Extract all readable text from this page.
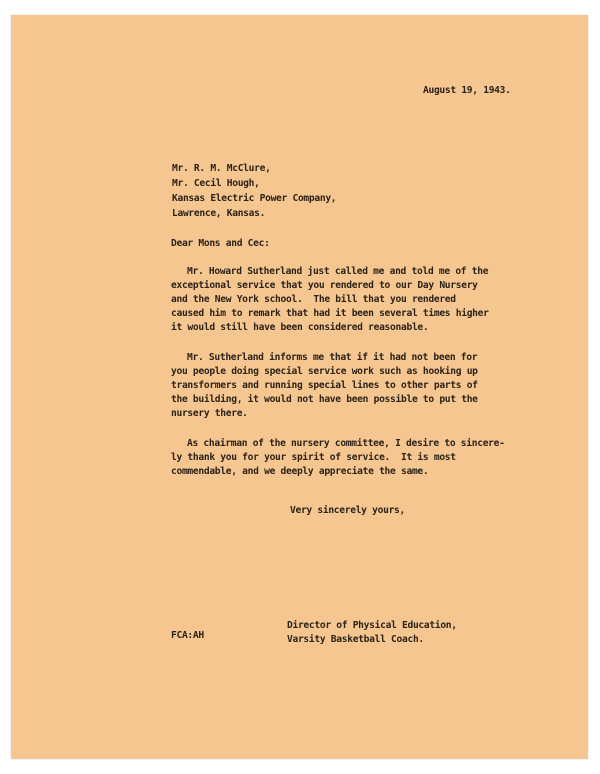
August 19, 1943.
Mr. R. M. McClure,
Mr. Cecil Hough,
Kansas Electric Power Company,
Lawrence, Kansas.
Dear Mons and Cec:
Mr. Howard Sutherland just called me and told me of the
exceptional service that you rendered to our Day Nursery
and the New York school.  The bill that you rendered
caused him to remark that had it been several times higher
it would still have been considered reasonable.
Mr. Sutherland informs me that if it had not been for
you people doing special service work such as hooking up
transformers and running special lines to other parts of
the building, it would not have been possible to put the
nursery there.
As chairman of the nursery committee, I desire to sincere-
ly thank you for your spirit of service.  It is most
commendable, and we deeply appreciate the same.
Very sincerely yours,
Director of Physical Education,
FCA:AH	Varsity Basketball Coach.
